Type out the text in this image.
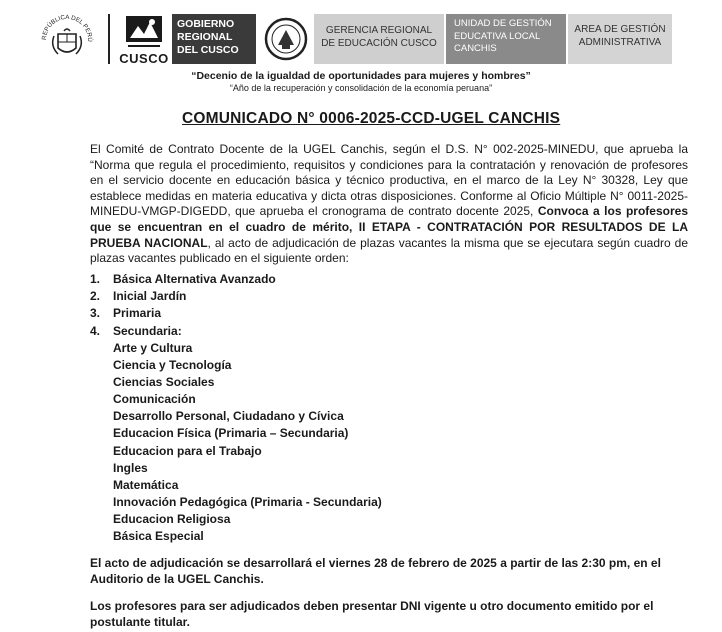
REPÚBLICA DEL PERÚ
CUSCO
GOBIERNO
REGIONAL
DEL CUSCO
GERENCIA REGIONAL
DE EDUCACIÓN CUSCO
UNIDAD DE GESTIÓN
EDUCATIVA LOCAL
CANCHIS
AREA DE GESTIÓN
ADMINISTRATIVA
“Decenio de la igualdad de oportunidades para mujeres y hombres”
“Año de la recuperación y consolidación de la economía peruana”
COMUNICADO N° 0006-2025-CCD-UGEL CANCHIS

El Comité de Contrato Docente de la UGEL Canchis, según el D.S. N° 002-2025-MINEDU, que aprueba la “Norma que regula el procedimiento, requisitos y condiciones para la contratación y renovación de profesores en el servicio docente en educación básica y técnico productiva, en el marco de la Ley N° 30328, Ley que establece medidas en materia educativa y dicta otras disposiciones. Conforme al Oficio Múltiple N° 0011-2025-MINEDU-VMGP-DIGEDD, que aprueba el cronograma de contrato docente 2025, Convoca a los profesores que se encuentran en el cuadro de mérito, II ETAPA - CONTRATACIÓN POR RESULTADOS DE LA PRUEBA NACIONAL, al acto de adjudicación de plazas vacantes la misma que se ejecutara según cuadro de plazas vacantes publicado en el siguiente orden:

1.	Básica Alternativa Avanzado
2.	Inicial Jardín
3.	Primaria
4.	Secundaria:
Arte y Cultura
Ciencia y Tecnología
Ciencias Sociales
Comunicación
Desarrollo Personal, Ciudadano y Cívica
Educacion Física (Primaria – Secundaria)
Educacion para el Trabajo
Ingles
Matemática
Innovación Pedagógica (Primaria - Secundaria)
Educacion Religiosa
Básica Especial

El acto de adjudicación se desarrollará el viernes 28 de febrero de 2025 a partir de las 2:30 pm, en el Auditorio de la UGEL Canchis.

Los profesores para ser adjudicados deben presentar DNI vigente u otro documento emitido por el postulante titular.
